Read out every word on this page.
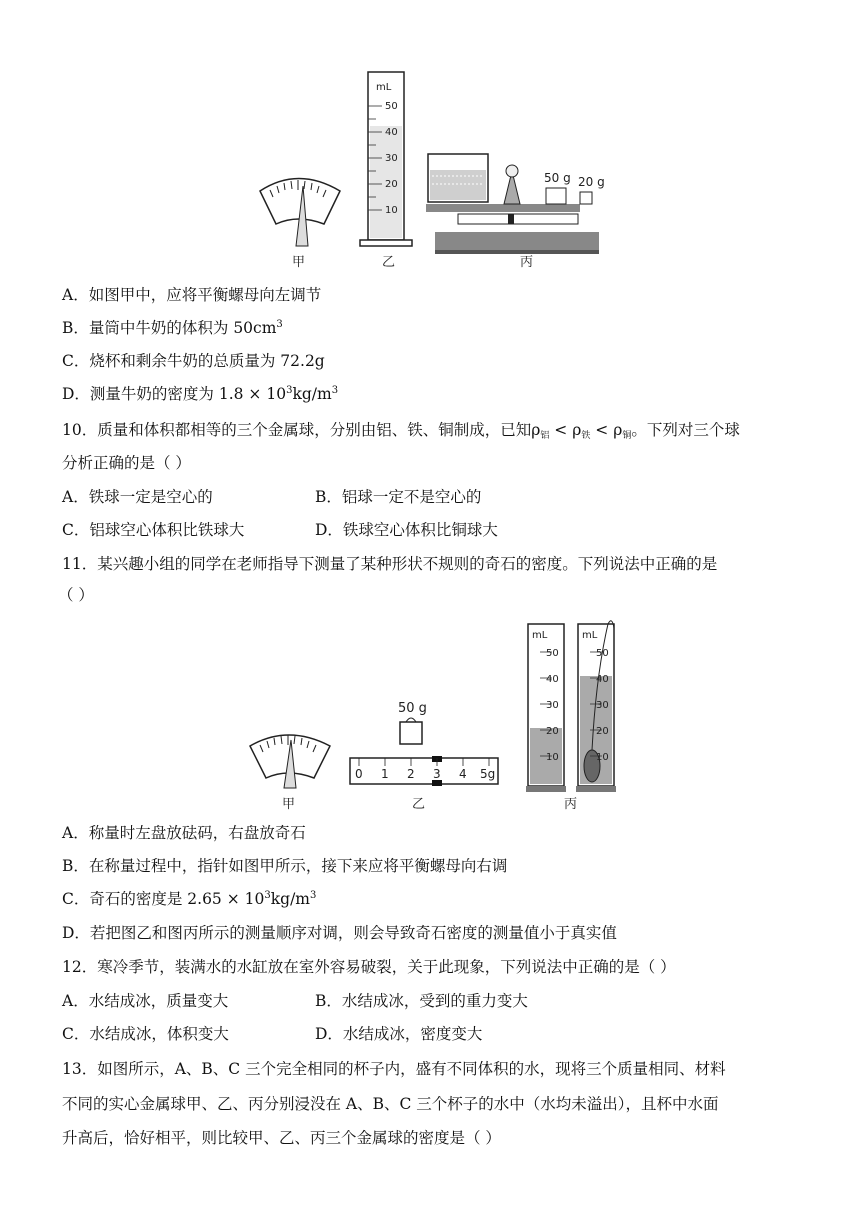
mL
50
40
30
20
10
50 g 20 g
甲	乙	丙
A．如图甲中，应将平衡螺母向左调节
B．量筒中牛奶的体积为 $50cm^3$
C．烧杯和剩余牛奶的总质量为 72.2g
D．测量牛奶的密度为 $1.8 \times 10^3kg/m^3$
10．质量和体积都相等的三个金属球，分别由铝、铁、铜制成，已知$\rho_铝 < \rho_铁 < \rho_铜$。下列对三个球
分析正确的是（ ）
A．铁球一定是空心的	B．铝球一定不是空心的
C．铝球空心体积比铁球大	D．铁球空心体积比铜球大
11．某兴趣小组的同学在老师指导下测量了某种形状不规则的奇石的密度。下列说法中正确的是
（ ）
50 g
0 1 2 3 4 5g
mL
50
40
30
20
10
mL
50
40
30
20
10
甲	乙	丙
A．称量时左盘放砝码，右盘放奇石
B．在称量过程中，指针如图甲所示，接下来应将平衡螺母向右调
C．奇石的密度是 $2.65 \times 10^3kg/m^3$
D．若把图乙和图丙所示的测量顺序对调，则会导致奇石密度的测量值小于真实值
12．寒冷季节，装满水的水缸放在室外容易破裂，关于此现象，下列说法中正确的是（ ）
A．水结成冰，质量变大	B．水结成冰，受到的重力变大
C．水结成冰，体积变大	D．水结成冰，密度变大
13．如图所示，A、B、C 三个完全相同的杯子内，盛有不同体积的水，现将三个质量相同、材料
不同的实心金属球甲、乙、丙分别浸没在 A、B、C 三个杯子的水中（水均未溢出），且杯中水面
升高后，恰好相平，则比较甲、乙、丙三个金属球的密度是（ ）
